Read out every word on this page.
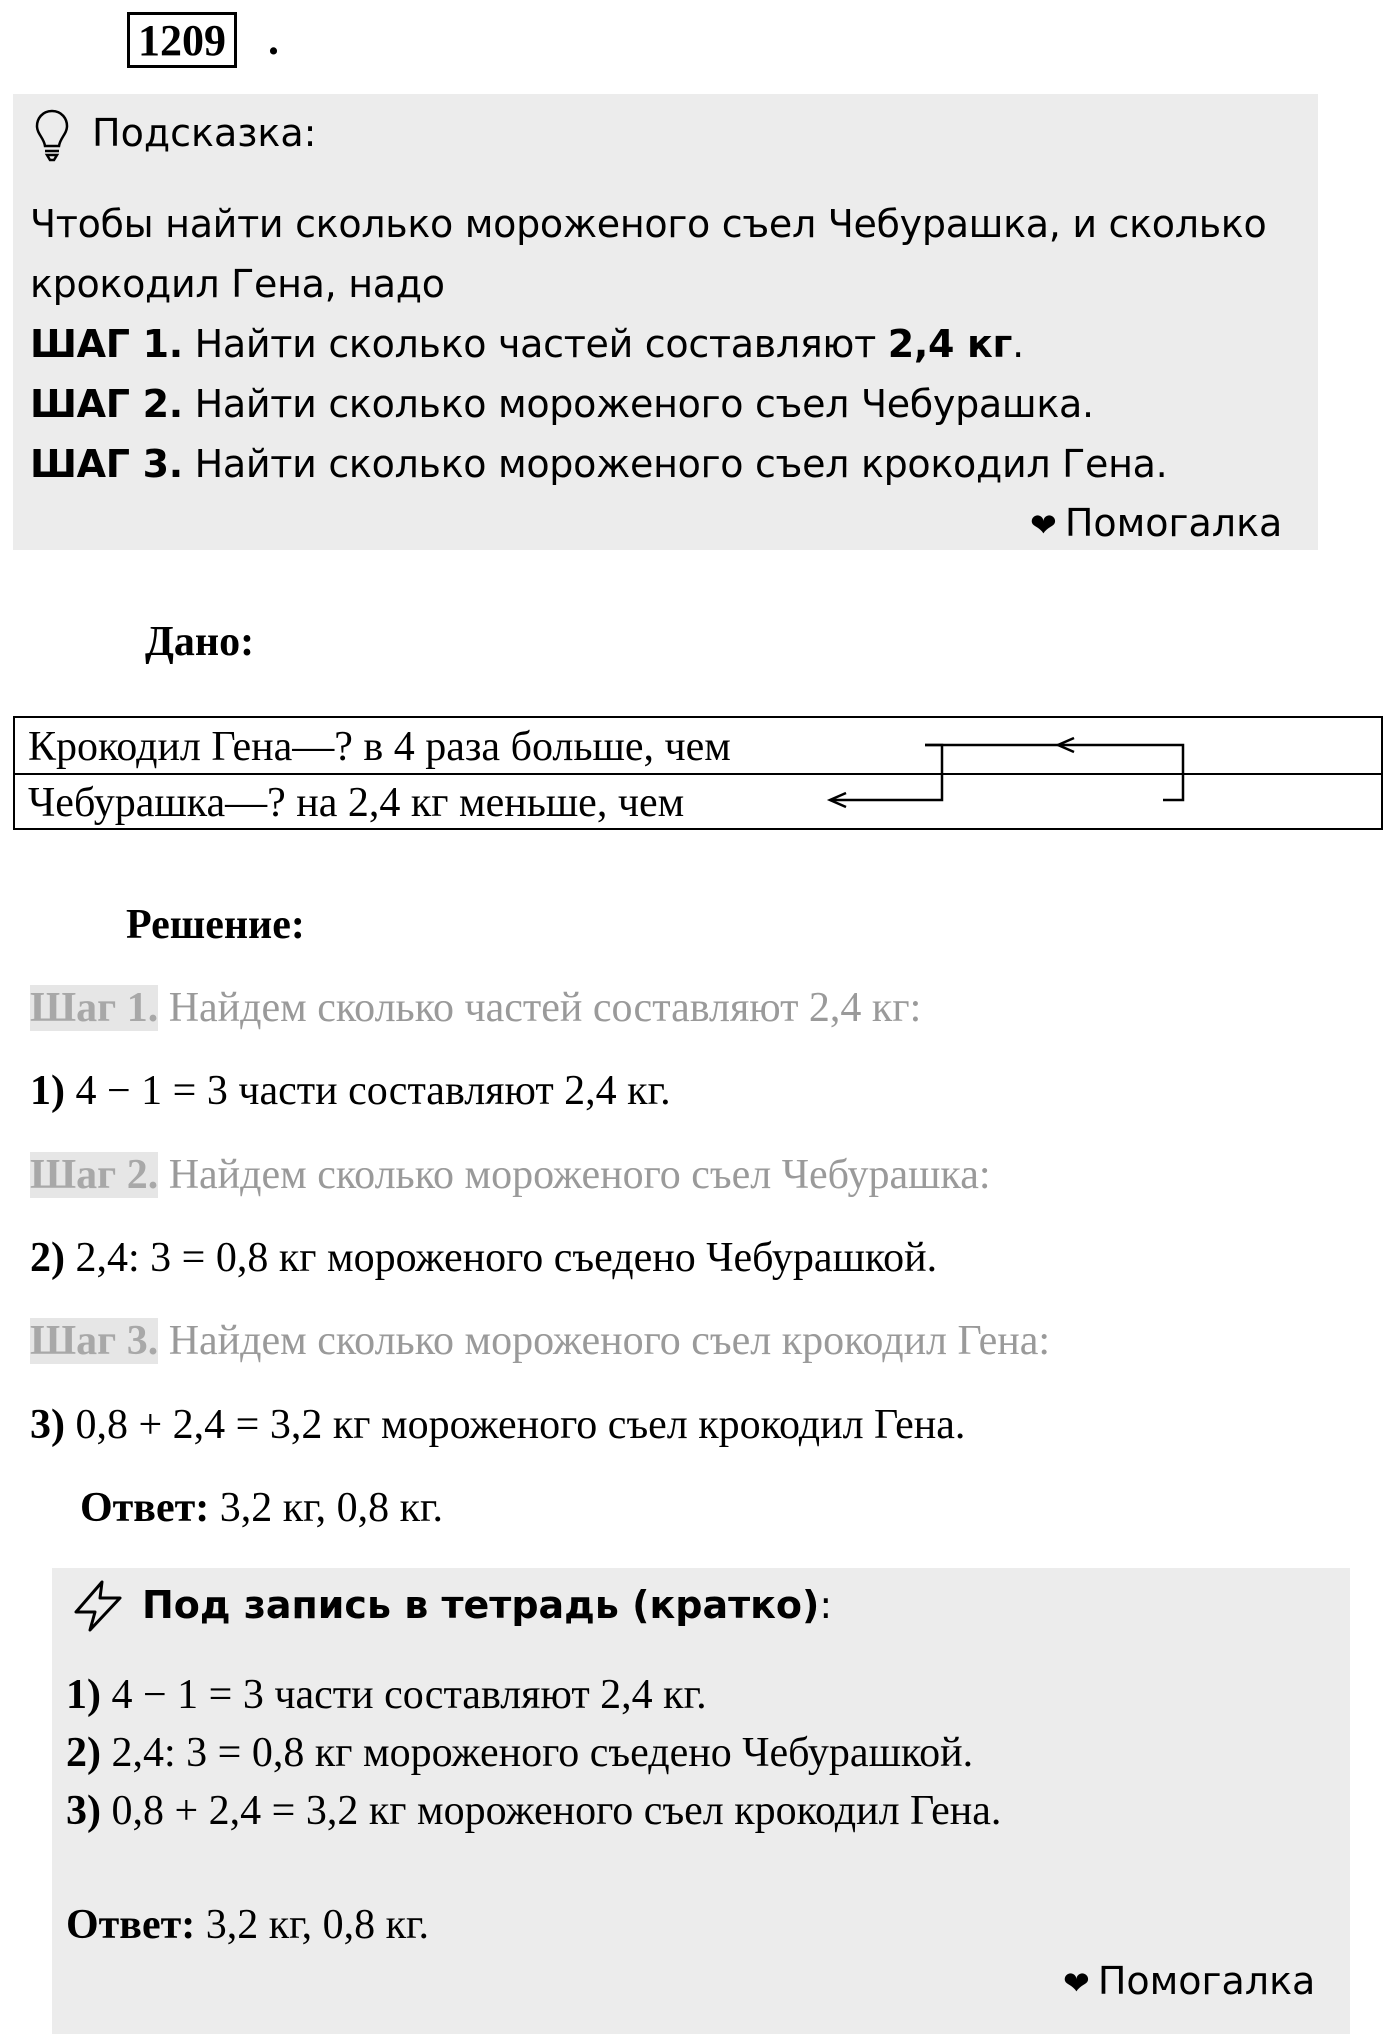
1209 .
Подсказка:
Чтобы найти сколько мороженого съел Чебурашка, и сколько
крокодил Гена, надо
ШАГ 1. Найти сколько частей составляют 2,4 кг.
ШАГ 2. Найти сколько мороженого съел Чебурашка.
ШАГ 3. Найти сколько мороженого съел крокодил Гена.
❤ Помогалка
Дано:
Крокодил Гена—? в 4 раза больше, чем
Чебурашка—? на 2,4 кг меньше, чем
Решение:
Шаг 1. Найдем сколько частей составляют 2,4 кг:
1) 4 − 1 = 3 части составляют 2,4 кг.
Шаг 2. Найдем сколько мороженого съел Чебурашка:
2) 2,4: 3 = 0,8 кг мороженого съедено Чебурашкой.
Шаг 3. Найдем сколько мороженого съел крокодил Гена:
3) 0,8 + 2,4 = 3,2 кг мороженого съел крокодил Гена.
Ответ: 3,2 кг, 0,8 кг.
Под запись в тетрадь (кратко):
1) 4 − 1 = 3 части составляют 2,4 кг.
2) 2,4: 3 = 0,8 кг мороженого съедено Чебурашкой.
3) 0,8 + 2,4 = 3,2 кг мороженого съел крокодил Гена.
Ответ: 3,2 кг, 0,8 кг.
❤ Помогалка
